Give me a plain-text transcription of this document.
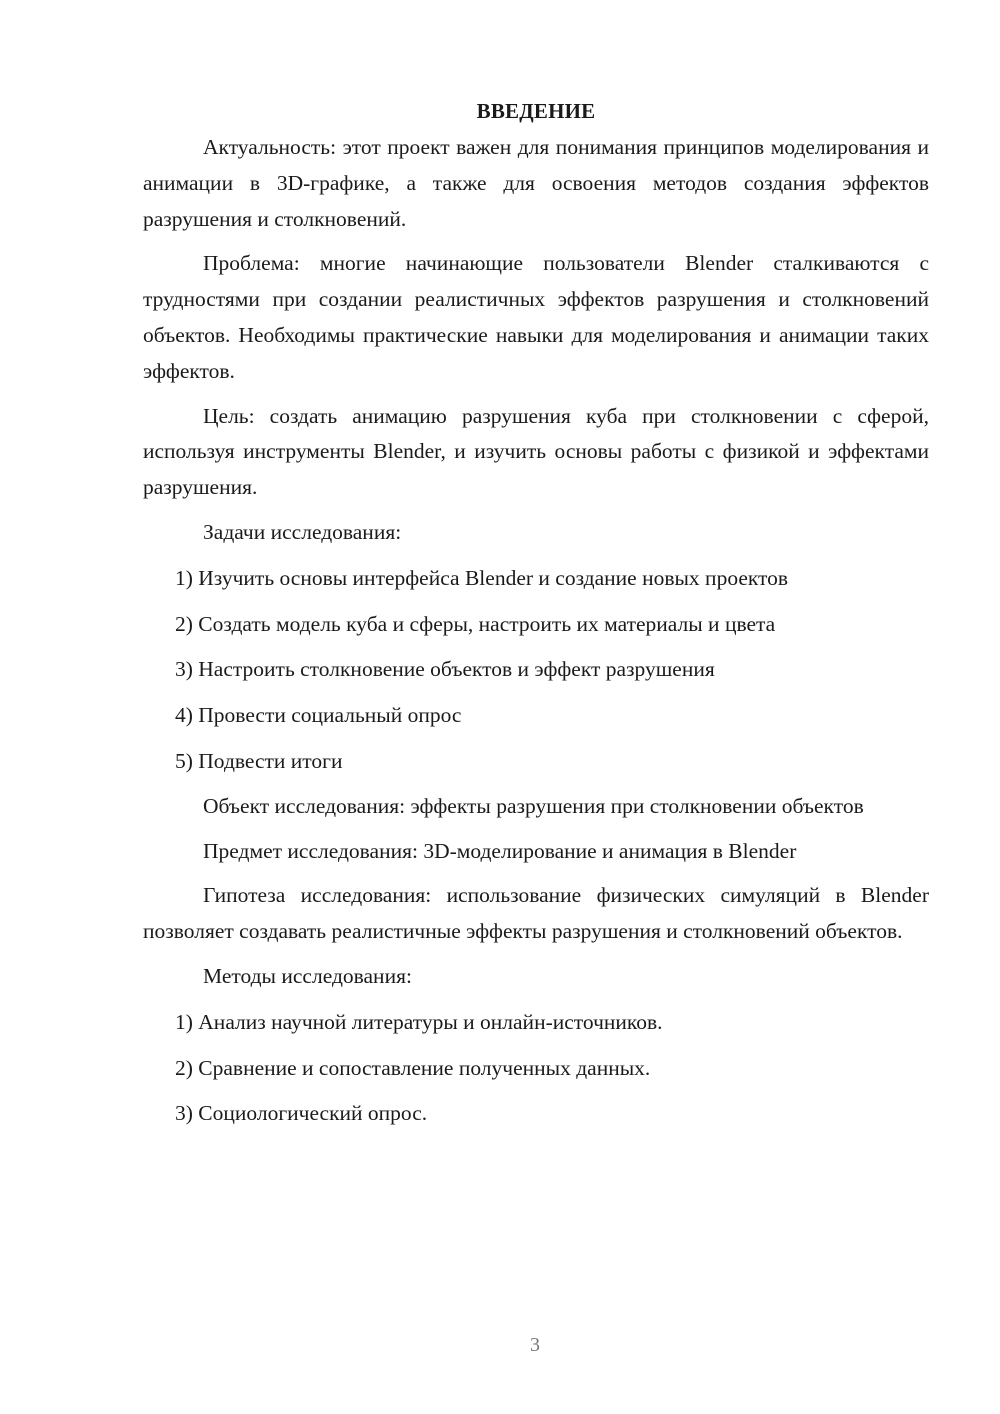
ВВЕДЕНИЕ

Актуальность: этот проект важен для понимания принципов моделирования и анимации в 3D-графике, а также для освоения методов создания эффектов разрушения и столкновений.

Проблема: многие начинающие пользователи Blender сталкиваются с трудностями при создании реалистичных эффектов разрушения и столкновений объектов. Необходимы практические навыки для моделирования и анимации таких эффектов.

Цель: создать анимацию разрушения куба при столкновении с сферой, используя инструменты Blender, и изучить основы работы с физикой и эффектами разрушения.

Задачи исследования:

1) Изучить основы интерфейса Blender и создание новых проектов
2) Создать модель куба и сферы, настроить их материалы и цвета
3) Настроить столкновение объектов и эффект разрушения
4) Провести социальный опрос
5) Подвести итоги

Объект исследования: эффекты разрушения при столкновении объектов

Предмет исследования: 3D-моделирование и анимация в Blender

Гипотеза исследования: использование физических симуляций в Blender позволяет создавать реалистичные эффекты разрушения и столкновений объектов.

Методы исследования:

1) Анализ научной литературы и онлайн-источников.
2) Сравнение и сопоставление полученных данных.
3) Социологический опрос.
3
